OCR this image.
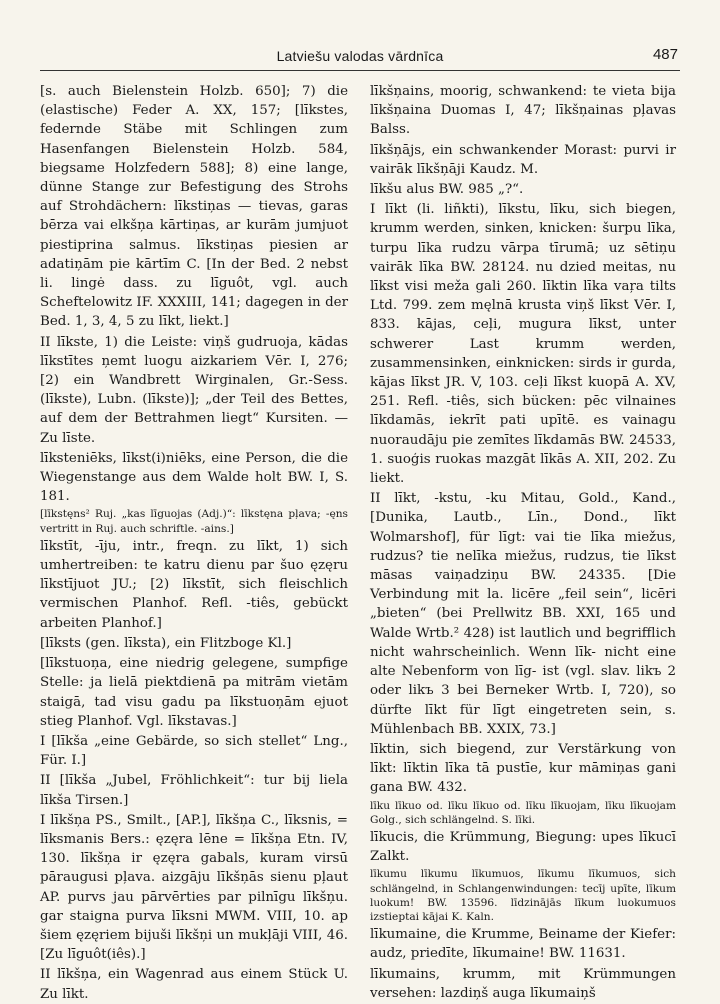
Latviešu valodas vārdnīca	487
[s. auch Bielenstein Holzb. 650]; 7) die (elastische) Feder A. XX, 157; [līkstes, federnde Stäbe mit Schlingen zum Hasenfangen Bielenstein Holzb. 584, biegsame Holzfedern 588]; 8) eine lange, dünne Stange zur Befestigung des Strohs auf Strohdächern: līkstiņas — tievas, garas bērza vai elkšņa kārtiņas, ar kurām jumjuot piestiprina salmus. līkstiņas piesien ar adatiņām pie kārtīm C. [In der Bed. 2 nebst li. lingė dass. zu līguôt, vgl. auch Scheftelowitz IF. XXXIII, 141; dagegen in der Bed. 1, 3, 4, 5 zu līkt, liekt.]
II līkste, 1) die Leiste: viņš gudruoja, kādas līkstītes ņemt luogu aizkariem Vēr. I, 276; [2) ein Wandbrett Wirginalen, Gr.-Sess. (līkste), Lubn. (līkste)]; „der Teil des Bettes, auf dem der Bettrahmen liegt“ Kursiten. — Zu līste.
līksteniēks, līkst(i)niēks, eine Person, die die Wiegenstange aus dem Walde holt BW. I, S. 181.
[līkstęns² Ruj. „kas līguojas (Adj.)“: līkstęna pļava; -ęns vertritt in Ruj. auch schriftle. -ains.]
līkstīt, -īju, intr., freqn. zu līkt, 1) sich umhertreiben: te katru dienu par šuo ęzęru līkstījuot JU.; [2) līkstīt, sich fleischlich vermischen Planhof. Refl. -tiês, gebückt arbeiten Planhof.]
[līksts (gen. līksta), ein Flitzboge Kl.]
[līkstuoņa, eine niedrig gelegene, sumpfige Stelle: ja lielā piektdienā pa mitrām vietām staigā, tad visu gadu pa līkstuoņām ejuot stieg Planhof. Vgl. līkstavas.]
I [līkša „eine Gebärde, so sich stellet“ Lng., Für. I.]
II [līkša „Jubel, Fröhlichkeit“: tur bij liela līkša Tirsen.]
I līkšņa PS., Smilt., [AP.], līkšņa C., līksnis, = līksmanis Bers.: ęzęra lēne = līkšņa Etn. IV, 130. līkšņa ir ęzęra gabals, kuram virsū pāraugusi pļava. aizgāju līkšņās sienu pļaut AP. purvs jau pārvērties par pilnīgu līkšņu. gar staigna purva līksni MWM. VIII, 10. ap šiem ęzęriem bijuši līkšņi un mukļāji VIII, 46. [Zu līguôt(iês).]
II līkšņa, ein Wagenrad aus einem Stück U. Zu līkt.
līkšņains, moorig, schwankend: te vieta bija līkšņaina Duomas I, 47; līkšņainas pļavas Balss.
līkšņājs, ein schwankender Morast: purvi ir vairāk līkšņāji Kaudz. M.
līkšu alus BW. 985 „?“.
I līkt (li. liñkti), līkstu, līku, sich biegen, krumm werden, sinken, knicken: šurpu līka, turpu līka rudzu vārpa tīrumā; uz sētiņu vairāk līka BW. 28124. nu dzied meitas, nu līkst visi meža gali 260. līktin līka vaŗa tilts Ltd. 799. zem męlnā krusta viņš līkst Vēr. I, 833. kājas, ceļi, mugura līkst, unter schwerer Last krumm werden, zusammensinken, einknicken: sirds ir gurda, kājas līkst JR. V, 103. ceļi līkst kuopā A. XV, 251. Refl. -tiês, sich bücken: pēc vilnaines līkdamās, iekrīt pati upītē. es vainagu nuoraudāju pie zemītes līkdamās BW. 24533, 1. suoģis ruokas mazgāt līkās A. XII, 202. Zu liekt.
II līkt, -kstu, -ku Mitau, Gold., Kand., [Dunika, Lautb., Līn., Dond., līkt Wolmarshof], für līgt: vai tie līka miežus, rudzus? tie nelīka miežus, rudzus, tie līkst māsas vaiņadziņu BW. 24335. [Die Verbindung mit la. licēre „feil sein“, licēri „bieten“ (bei Prellwitz BB. XXI, 165 und Walde Wrtb.² 428) ist lautlich und begrifflich nicht wahrscheinlich. Wenn līk- nicht eine alte Nebenform von līg- ist (vgl. slav. likъ 2 oder likъ 3 bei Berneker Wrtb. I, 720), so dürfte līkt für līgt eingetreten sein, s. Mühlenbach BB. XXIX, 73.]
līktin, sich biegend, zur Verstärkung von līkt: līktin līka tā pustīe, kur māmiņas gani gana BW. 432.
līku līkuo od. līku līkuo od. līku līkuojam, līku līkuojam Golg., sich schlängelnd. S. līki.
līkucis, die Krümmung, Biegung: upes līkucī Zalkt.
līkumu līkumu līkumuos, līkumu līkumuos, sich schlängelnd, in Schlangenwindungen: tecīj upīte, līkum luokum! BW. 13596. līdzinājās līkum luokumuos izstieptai kājai K. Kaln.
līkumaine, die Krumme, Beiname der Kiefer: audz, priedīte, līkumaine! BW. 11631.
līkumains, krumm, mit Krümmungen versehen: lazdiņš auga līkumaiņš
